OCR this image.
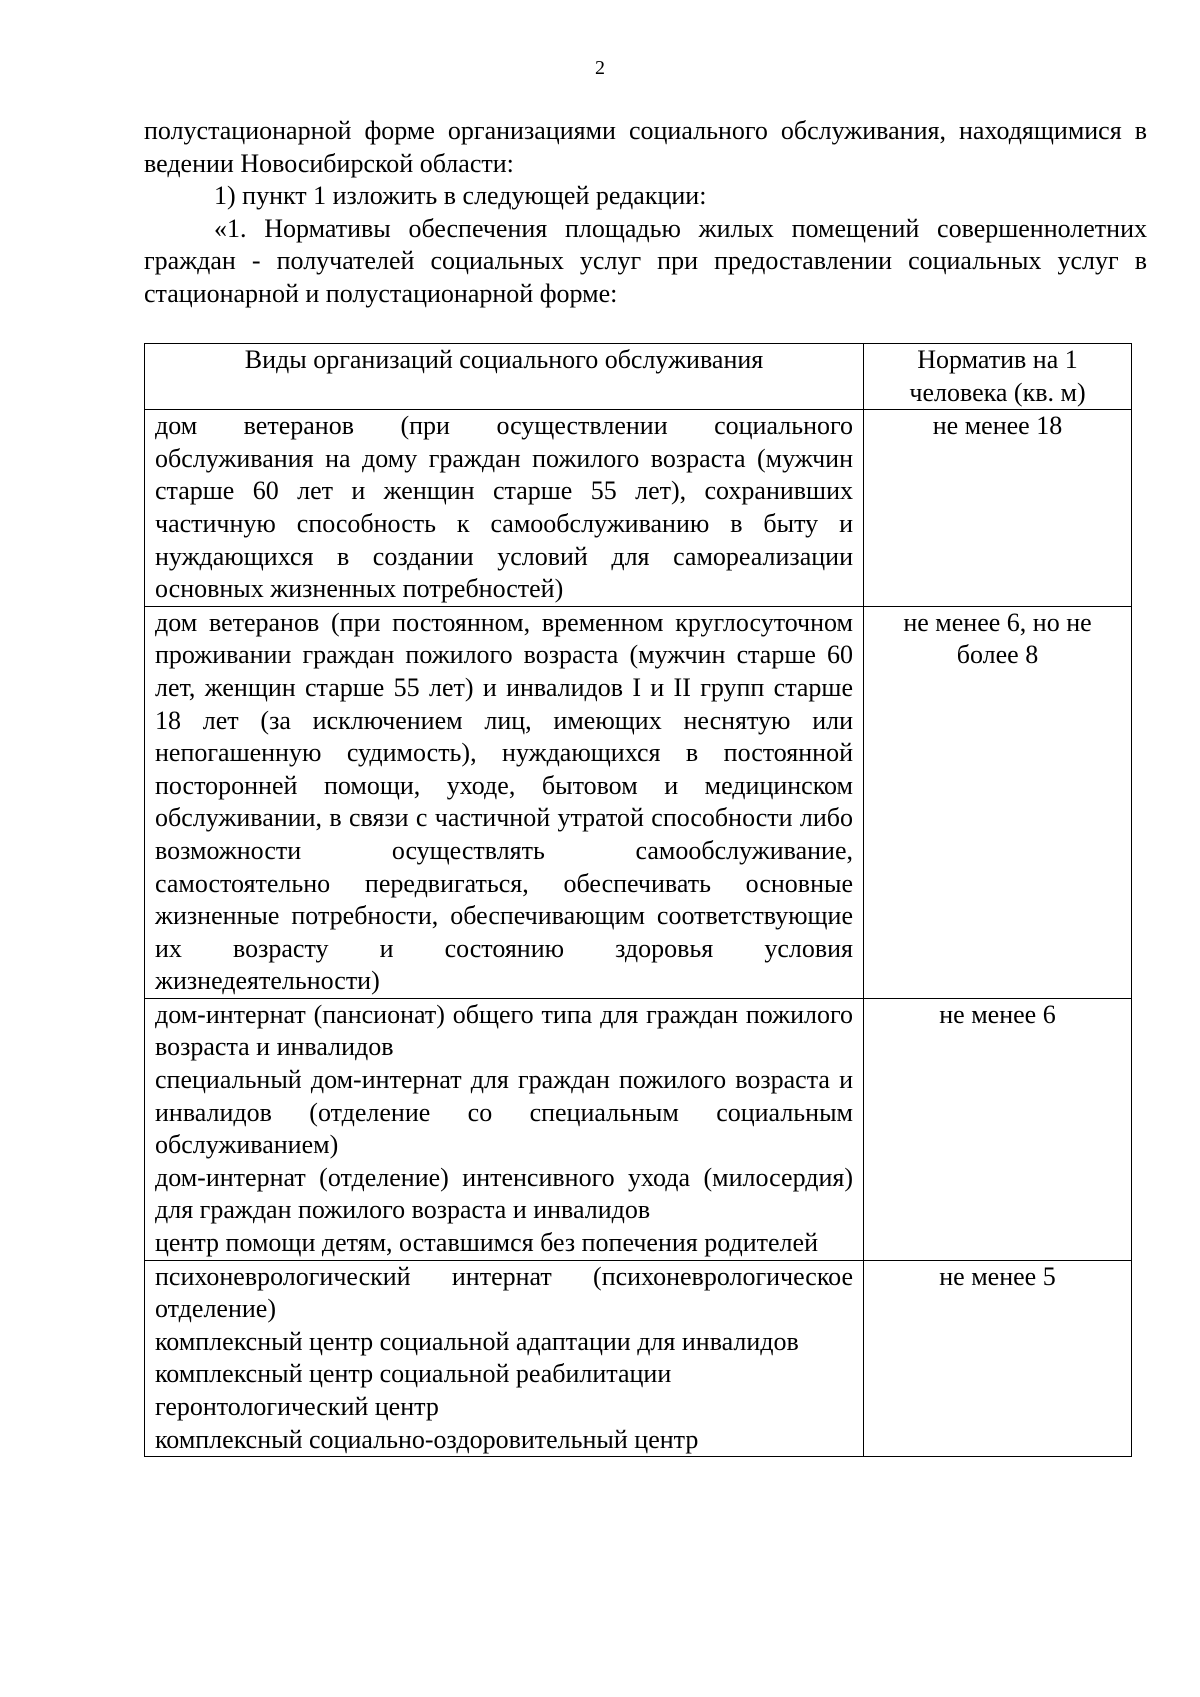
2

полустационарной форме организациями социального обслуживания, находящимися в ведении Новосибирской области:

1) пункт 1 изложить в следующей редакции:

«1. Нормативы обеспечения площадью жилых помещений совершеннолетних граждан - получателей социальных услуг при предоставлении социальных услуг в стационарной и полустационарной форме:

Виды организаций социального обслуживания	Норматив на 1
человека (кв. м)

дом ветеранов (при осуществлении социального обслуживания на дому граждан пожилого возраста (мужчин старше 60 лет и женщин старше 55 лет), сохранивших частичную способность к самообслуживанию в быту и нуждающихся в создании условий для самореализации основных жизненных потребностей)	не менее 18

дом ветеранов (при постоянном, временном круглосуточном проживании граждан пожилого возраста (мужчин старше 60 лет, женщин старше 55 лет) и инвалидов I и II групп старше 18 лет (за исключением лиц, имеющих неснятую или непогашенную судимость), нуждающихся в постоянной посторонней помощи, уходе, бытовом и медицинском обслуживании, в связи с частичной утратой способности либо возможности осуществлять самообслуживание, самостоятельно передвигаться, обеспечивать основные жизненные потребности, обеспечивающим соответствующие их возрасту и состоянию здоровья условия жизнедеятельности)	не менее 6, но не более 8

дом-интернат (пансионат) общего типа для граждан пожилого возраста и инвалидов
специальный дом-интернат для граждан пожилого возраста и инвалидов (отделение со специальным социальным обслуживанием)
дом-интернат (отделение) интенсивного ухода (милосердия) для граждан пожилого возраста и инвалидов
центр помощи детям, оставшимся без попечения родителей	не менее 6

психоневрологический интернат (психоневрологическое отделение)
комплексный центр социальной адаптации для инвалидов
комплексный центр социальной реабилитации
геронтологический центр
комплексный социально-оздоровительный центр	не менее 5
